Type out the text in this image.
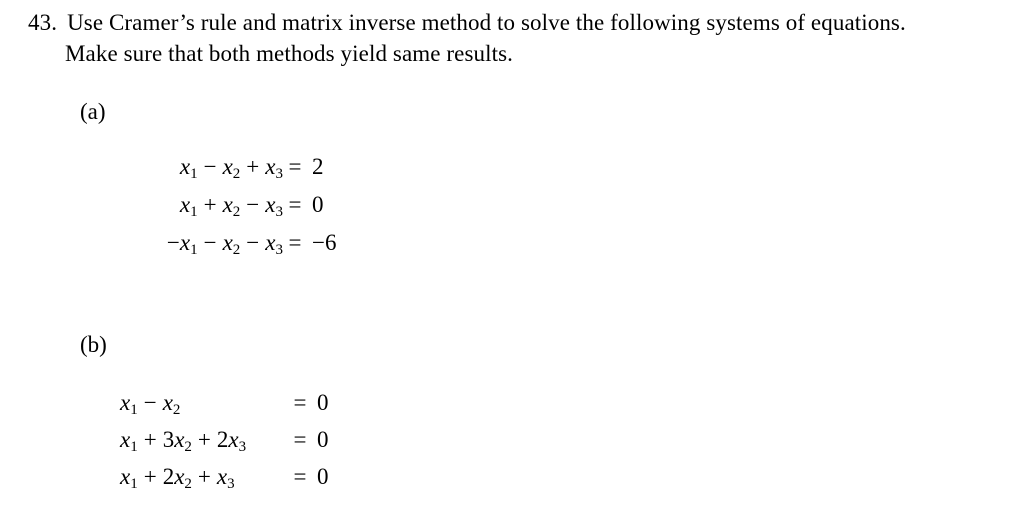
43. Use Cramer’s rule and matrix inverse method to solve the following systems of equations.
Make sure that both methods yield same results.
(a)
$x_1 - x_2 + x_3 = 2$
$x_1 + x_2 - x_3 = 0$
$-x_1 - x_2 - x_3 = -6$
(b)
$x_1 - x_2$	= 0
$x_1 + 3x_2 + 2x_3 = 0$
$x_1 + 2x_2 + x_3$	= 0
